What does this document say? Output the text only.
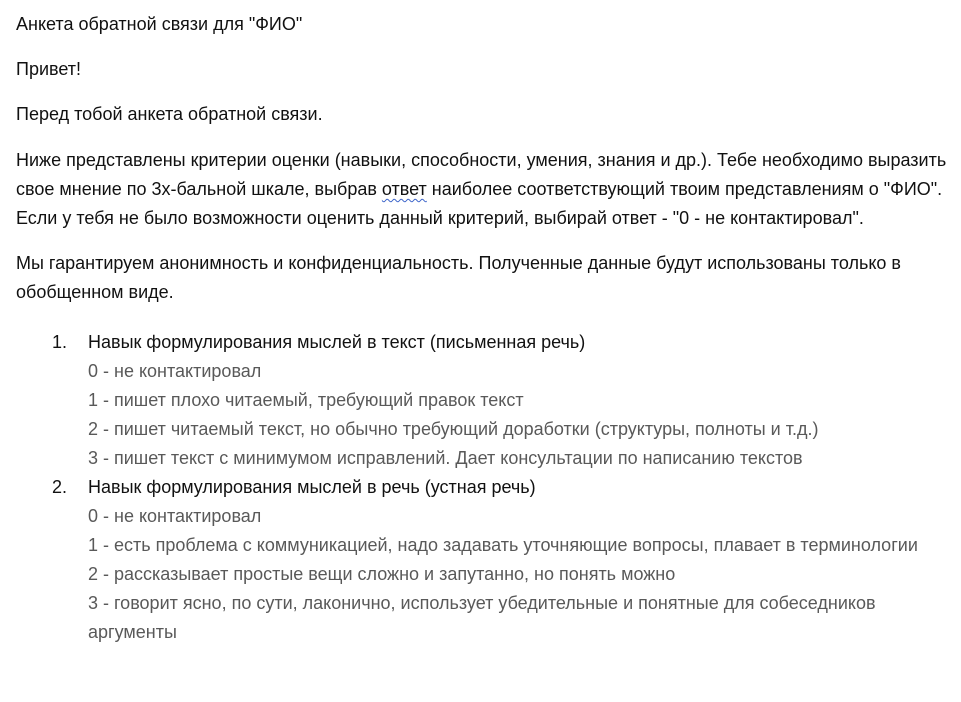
Анкета обратной связи для "ФИО"

Привет!

Перед тобой анкета обратной связи.

Ниже представлены критерии оценки (навыки, способности, умения, знания и др.). Тебе необходимо выразить свое мнение по 3х-бальной шкале, выбрав ответ наиболее соответствующий твоим представлениям о "ФИО". Если у тебя не было возможности оценить данный критерий, выбирай ответ - "0 - не контактировал".

Мы гарантируем анонимность и конфиденциальность. Полученные данные будут использованы только в обобщенном виде.

1. Навык формулирования мыслей в текст (письменная речь)
0 - не контактировал
1 - пишет плохо читаемый, требующий правок текст
2 - пишет читаемый текст, но обычно требующий доработки (структуры, полноты и т.д.)
3 - пишет текст с минимумом исправлений. Дает консультации по написанию текстов
2. Навык формулирования мыслей в речь (устная речь)
0 - не контактировал
1 - есть проблема с коммуникацией, надо задавать уточняющие вопросы, плавает в терминологии
2 - рассказывает простые вещи сложно и запутанно, но понять можно
3 - говорит ясно, по сути, лаконично, использует убедительные и понятные для собеседников аргументы
